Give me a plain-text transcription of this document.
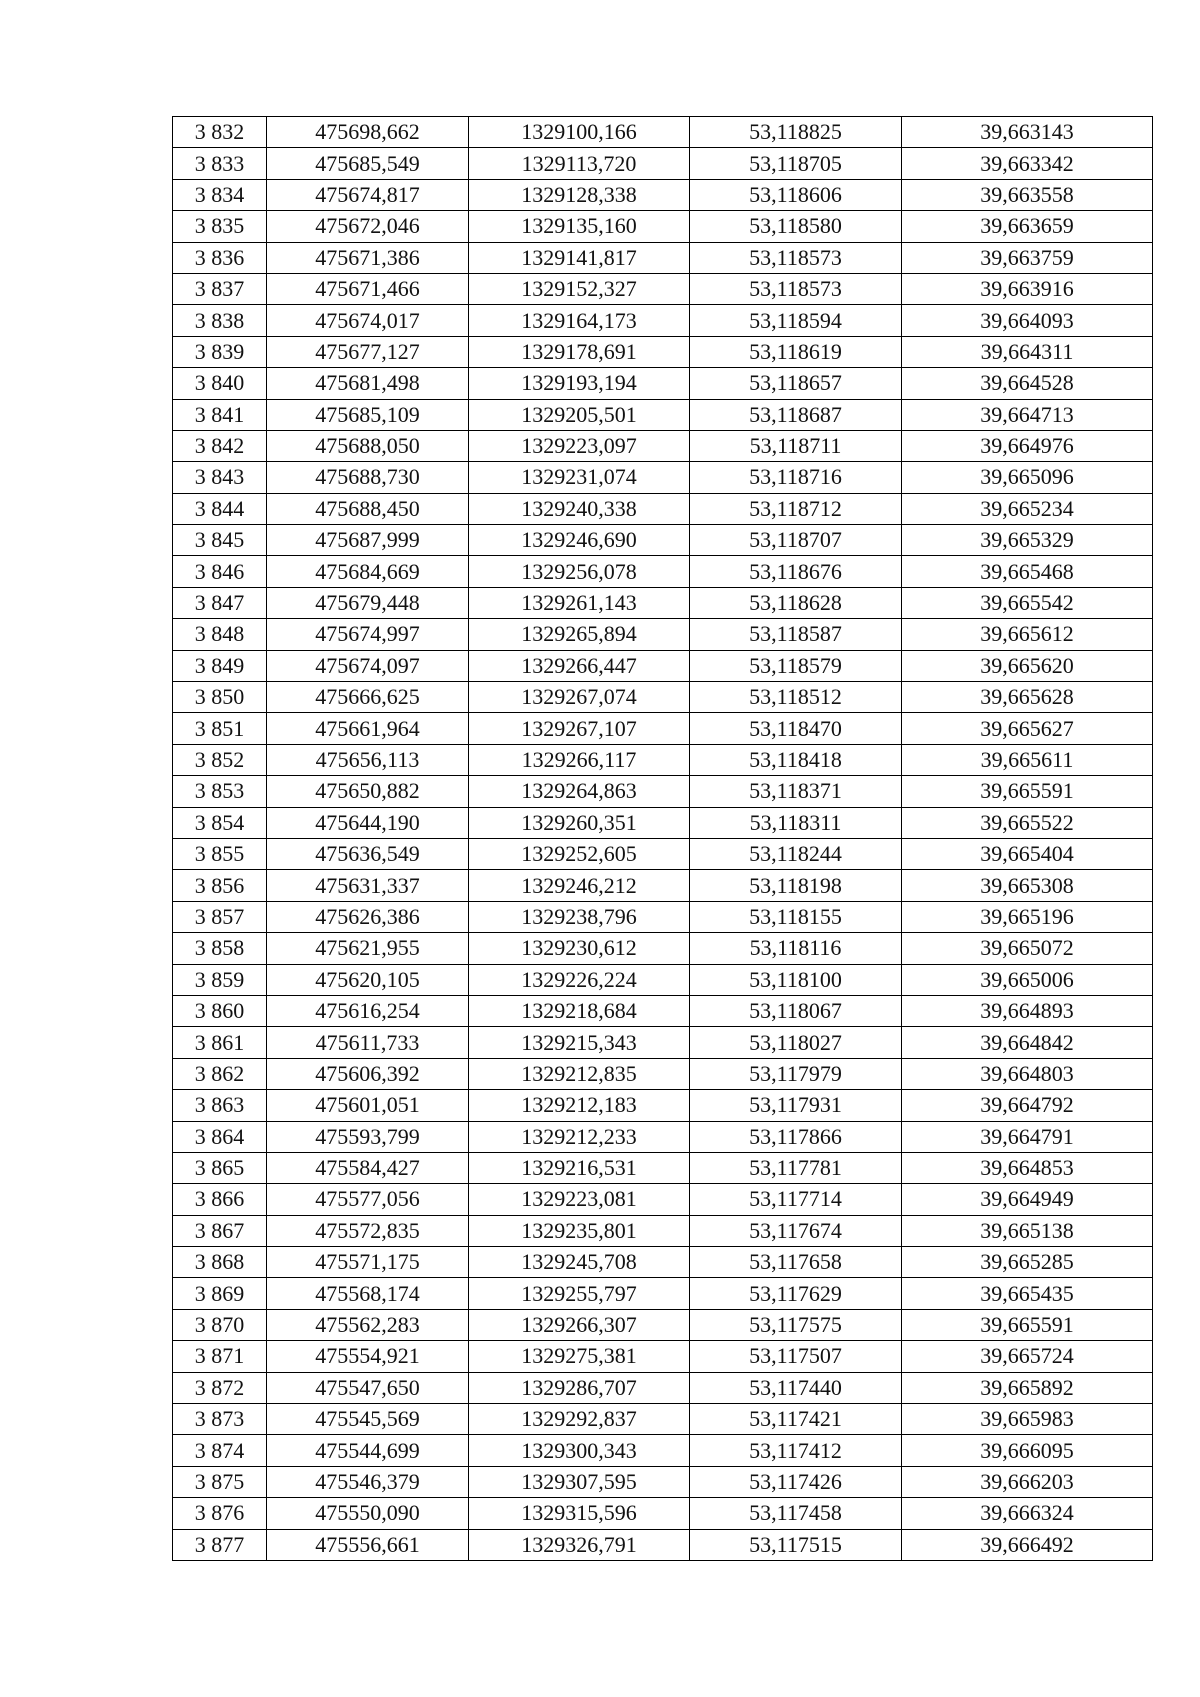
3 832	475698,662	1329100,166	53,118825	39,663143
3 833	475685,549	1329113,720	53,118705	39,663342
3 834	475674,817	1329128,338	53,118606	39,663558
3 835	475672,046	1329135,160	53,118580	39,663659
3 836	475671,386	1329141,817	53,118573	39,663759
3 837	475671,466	1329152,327	53,118573	39,663916
3 838	475674,017	1329164,173	53,118594	39,664093
3 839	475677,127	1329178,691	53,118619	39,664311
3 840	475681,498	1329193,194	53,118657	39,664528
3 841	475685,109	1329205,501	53,118687	39,664713
3 842	475688,050	1329223,097	53,118711	39,664976
3 843	475688,730	1329231,074	53,118716	39,665096
3 844	475688,450	1329240,338	53,118712	39,665234
3 845	475687,999	1329246,690	53,118707	39,665329
3 846	475684,669	1329256,078	53,118676	39,665468
3 847	475679,448	1329261,143	53,118628	39,665542
3 848	475674,997	1329265,894	53,118587	39,665612
3 849	475674,097	1329266,447	53,118579	39,665620
3 850	475666,625	1329267,074	53,118512	39,665628
3 851	475661,964	1329267,107	53,118470	39,665627
3 852	475656,113	1329266,117	53,118418	39,665611
3 853	475650,882	1329264,863	53,118371	39,665591
3 854	475644,190	1329260,351	53,118311	39,665522
3 855	475636,549	1329252,605	53,118244	39,665404
3 856	475631,337	1329246,212	53,118198	39,665308
3 857	475626,386	1329238,796	53,118155	39,665196
3 858	475621,955	1329230,612	53,118116	39,665072
3 859	475620,105	1329226,224	53,118100	39,665006
3 860	475616,254	1329218,684	53,118067	39,664893
3 861	475611,733	1329215,343	53,118027	39,664842
3 862	475606,392	1329212,835	53,117979	39,664803
3 863	475601,051	1329212,183	53,117931	39,664792
3 864	475593,799	1329212,233	53,117866	39,664791
3 865	475584,427	1329216,531	53,117781	39,664853
3 866	475577,056	1329223,081	53,117714	39,664949
3 867	475572,835	1329235,801	53,117674	39,665138
3 868	475571,175	1329245,708	53,117658	39,665285
3 869	475568,174	1329255,797	53,117629	39,665435
3 870	475562,283	1329266,307	53,117575	39,665591
3 871	475554,921	1329275,381	53,117507	39,665724
3 872	475547,650	1329286,707	53,117440	39,665892
3 873	475545,569	1329292,837	53,117421	39,665983
3 874	475544,699	1329300,343	53,117412	39,666095
3 875	475546,379	1329307,595	53,117426	39,666203
3 876	475550,090	1329315,596	53,117458	39,666324
3 877	475556,661	1329326,791	53,117515	39,666492
